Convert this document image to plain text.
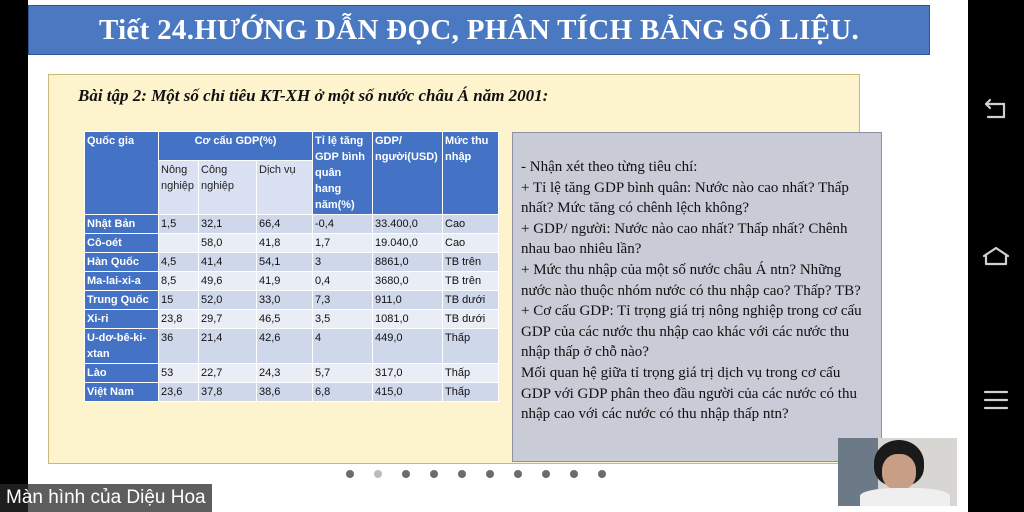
Tiết 24.HƯỚNG DẪN ĐỌC, PHÂN TÍCH BẢNG SỐ LIỆU.
Bài tập 2: Một số chỉ tiêu KT-XH ở một số nước châu Á năm 2001:
Quốc gia	Cơ cấu GDP(%)			Tỉ lệ tăng GDP bình quân hang năm(%)	GDP/ người(USD)	Mức thu nhập
	Nông nghiệp	Công nghiệp	Dịch vụ			
Nhật Bản	1,5	32,1	66,4	-0,4	33.400,0	Cao
Cô-oét		58,0	41,8	1,7	19.040,0	Cao
Hàn Quốc	4,5	41,4	54,1	3	8861,0	TB trên
Ma-lai-xi-a	8,5	49,6	41,9	0,4	3680,0	TB trên
Trung Quốc	15	52,0	33,0	7,3	911,0	TB dưới
Xi-ri	23,8	29,7	46,5	3,5	1081,0	TB dưới
U-dơ-bê-ki-xtan	36	21,4	42,6	4	449,0	Thấp
Lào	53	22,7	24,3	5,7	317,0	Thấp
Việt Nam	23,6	37,8	38,6	6,8	415,0	Thấp
- Nhận xét theo từng tiêu chí:
+ Tỉ lệ tăng GDP bình quân: Nước nào cao nhất? Thấp nhất? Mức tăng có chênh lệch không?
+ GDP/ người: Nước nào cao nhất? Thấp nhất? Chênh nhau bao nhiêu lần?
+ Mức thu nhập của một số nước châu Á ntn? Những nước nào thuộc nhóm nước có thu nhập cao? Thấp? TB?
+ Cơ cấu GDP: Tỉ trọng giá trị nông nghiệp trong cơ cấu GDP của các nước thu nhập cao khác với các nước thu nhập thấp ở chỗ nào?
Mối quan hệ giữa tỉ trọng giá trị dịch vụ trong cơ cấu GDP với GDP phân theo đầu người của các nước có thu nhập cao với các nước có thu nhập thấp ntn?
Màn hình của Diệu Hoa
